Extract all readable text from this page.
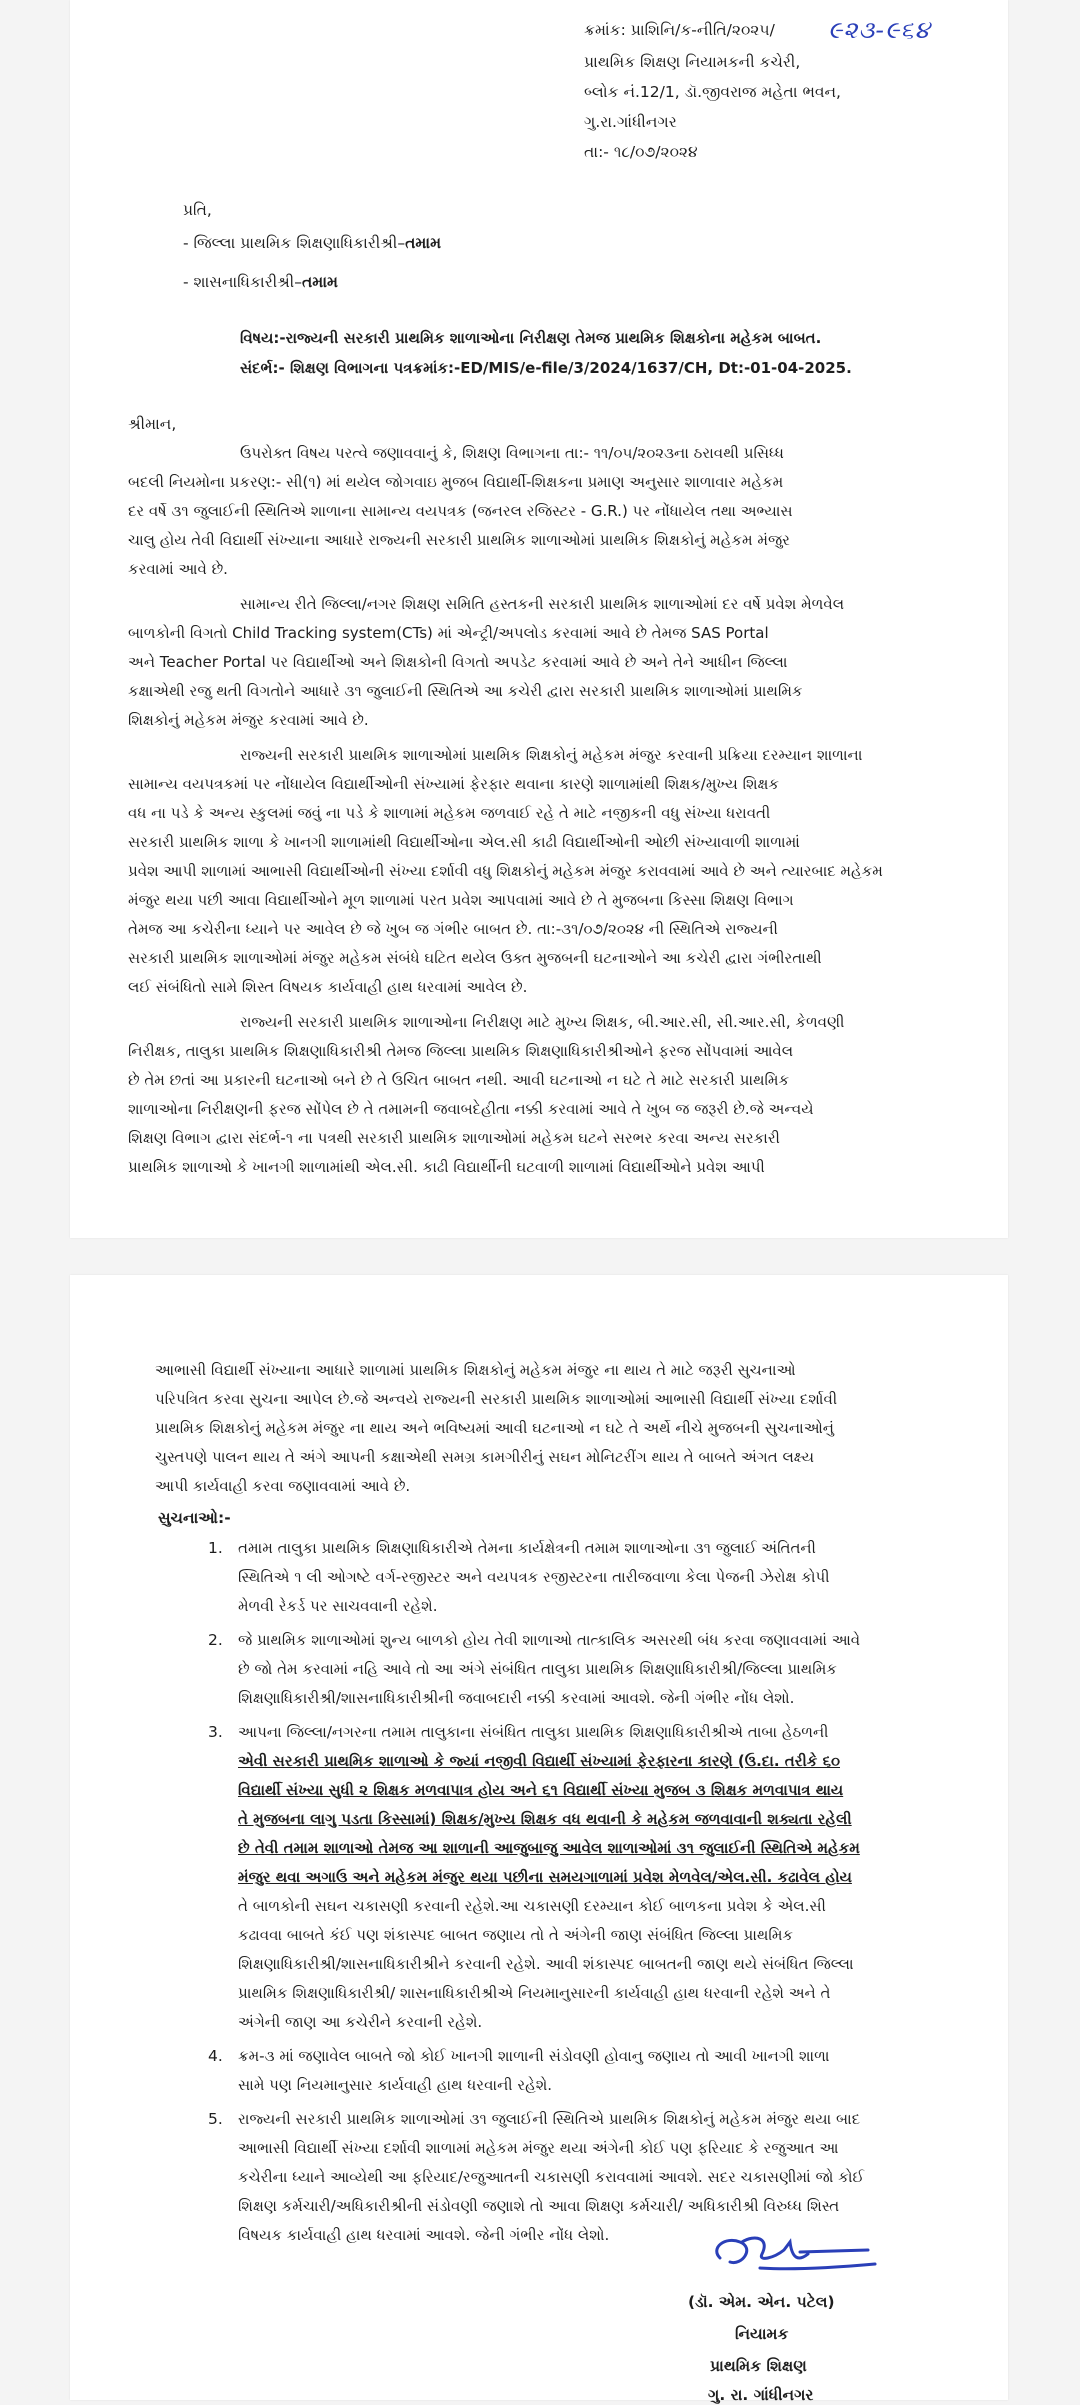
ક્રમાંક: પ્રાશિનિ/ક-નીતિ/૨૦૨૫/ ૯૨૩-૯૬૪
પ્રાથમિક શિક્ષણ નિયામકની કચેરી,
બ્લોક નં.12/1, ડૉ.જીવરાજ મહેતા ભવન,
ગુ.રા.ગાંધીનગર
તા:- ૧૮/૦૭/૨૦૨૪
પ્રતિ,
- જિલ્લા પ્રાથમિક શિક્ષણાધિકારીશ્રી–તમામ
- શાસનાધિકારીશ્રી–તમામ
વિષય:-રાજ્યની સરકારી પ્રાથમિક શાળાઓના નિરીક્ષણ તેમજ પ્રાથમિક શિક્ષકોના મહેકમ બાબત.
સંદર્ભ:- શિક્ષણ વિભાગના પત્રક્રમાંક:-ED/MIS/e-file/3/2024/1637/CH, Dt:-01-04-2025.
શ્રીમાન,
ઉપરોક્ત વિષય પરત્વે જણાવવાનું કે, શિક્ષણ વિભાગના તા:- ૧૧/૦૫/૨૦૨૩ના ઠરાવથી પ્રસિધ્ધ
બદલી નિયમોના પ્રકરણ:- સી(૧) માં થયેલ જોગવાઇ મુજબ વિદ્યાર્થી-શિક્ષકના પ્રમાણ અનુસાર શાળાવાર મહેકમ
દર વર્ષે ૩૧ જુલાઈની સ્થિતિએ શાળાના સામાન્ય વયપત્રક (જનરલ રજિસ્ટર - G.R.) પર નોંધાયેલ તથા અભ્યાસ
ચાલુ હોય તેવી વિદ્યાર્થી સંખ્યાના આધારે રાજ્યની સરકારી પ્રાથમિક શાળાઓમાં પ્રાથમિક શિક્ષકોનું મહેકમ મંજુર
કરવામાં આવે છે.
સામાન્ય રીતે જિલ્લા/નગર શિક્ષણ સમિતિ હસ્તકની સરકારી પ્રાથમિક શાળાઓમાં દર વર્ષે પ્રવેશ મેળવેલ
બાળકોની વિગતો Child Tracking system(CTs) માં એન્ટ્રી/અપલોડ કરવામાં આવે છે તેમજ SAS Portal
અને Teacher Portal પર વિદ્યાર્થીઓ અને શિક્ષકોની વિગતો અપડેટ કરવામાં આવે છે અને તેને આધીન જિલ્લા
કક્ષાએથી રજુ થતી વિગતોને આધારે ૩૧ જુલાઈની સ્થિતિએ આ કચેરી દ્વારા સરકારી પ્રાથમિક શાળાઓમાં પ્રાથમિક
શિક્ષકોનું મહેકમ મંજુર કરવામાં આવે છે.
રાજ્યની સરકારી પ્રાથમિક શાળાઓમાં પ્રાથમિક શિક્ષકોનું મહેકમ મંજુર કરવાની પ્રક્રિયા દરમ્યાન શાળાના
સામાન્ય વયપત્રકમાં પર નોંધાયેલ વિદ્યાર્થીઓની સંખ્યામાં ફેરફાર થવાના કારણે શાળામાંથી શિક્ષક/મુખ્ય શિક્ષક
વધ ના પડે કે અન્ય સ્કુલમાં જવું ના પડે કે શાળામાં મહેકમ જળવાઈ રહે તે માટે નજીકની વધુ સંખ્યા ધરાવતી
સરકારી પ્રાથમિક શાળા કે ખાનગી શાળામાંથી વિદ્યાર્થીઓના એલ.સી કાઢી વિદ્યાર્થીઓની ઓછી સંખ્યાવાળી શાળામાં
પ્રવેશ આપી શાળામાં આભાસી વિદ્યાર્થીઓની સંખ્યા દર્શાવી વધુ શિક્ષકોનું મહેકમ મંજુર કરાવવામાં આવે છે અને ત્યારબાદ મહેકમ
મંજુર થયા પછી આવા વિદ્યાર્થીઓને મૂળ શાળામાં પરત પ્રવેશ આપવામાં આવે છે તે મુજબના કિસ્સા શિક્ષણ વિભાગ
તેમજ આ કચેરીના ધ્યાને પર આવેલ છે જે ખુબ જ ગંભીર બાબત છે. તા:-૩૧/૦૭/૨૦૨૪ ની સ્થિતિએ રાજ્યની
સરકારી પ્રાથમિક શાળાઓમાં મંજુર મહેકમ સંબંધે ઘટિત થયેલ ઉક્ત મુજબની ઘટનાઓને આ કચેરી દ્વારા ગંભીરતાથી
લઈ સંબંધિતો સામે શિસ્ત વિષયક કાર્યવાહી હાથ ધરવામાં આવેલ છે.
રાજ્યની સરકારી પ્રાથમિક શાળાઓના નિરીક્ષણ માટે મુખ્ય શિક્ષક, બી.આર.સી, સી.આર.સી, કેળવણી
નિરીક્ષક, તાલુકા પ્રાથમિક શિક્ષણાધિકારીશ્રી તેમજ જિલ્લા પ્રાથમિક શિક્ષણાધિકારીશ્રીઓને ફરજ સોંપવામાં આવેલ
છે તેમ છતાં આ પ્રકારની ઘટનાઓ બને છે તે ઉચિત બાબત નથી. આવી ઘટનાઓ ન ઘટે તે માટે સરકારી પ્રાથમિક
શાળાઓના નિરીક્ષણની ફરજ સોંપેલ છે તે તમામની જવાબદેહીતા નક્કી કરવામાં આવે તે ખુબ જ જરૂરી છે.જે અન્વયે
શિક્ષણ વિભાગ દ્વારા સંદર્ભ-૧ ના પત્રથી સરકારી પ્રાથમિક શાળાઓમાં મહેકમ ઘટને સરભર કરવા અન્ય સરકારી
પ્રાથમિક શાળાઓ કે ખાનગી શાળામાંથી એલ.સી. કાઢી વિદ્યાર્થીની ઘટવાળી શાળામાં વિદ્યાર્થીઓને પ્રવેશ આપી
આભાસી વિદ્યાર્થી સંખ્યાના આધારે શાળામાં પ્રાથમિક શિક્ષકોનું મહેકમ મંજુર ના થાય તે માટે જરૂરી સુચનાઓ
પરિપત્રિત કરવા સુચના આપેલ છે.જે અન્વયે રાજ્યની સરકારી પ્રાથમિક શાળાઓમાં આભાસી વિદ્યાર્થી સંખ્યા દર્શાવી
પ્રાથમિક શિક્ષકોનું મહેકમ મંજુર ના થાય અને ભવિષ્યમાં આવી ઘટનાઓ ન ઘટે તે અર્થે નીચે મુજબની સુચનાઓનું
ચુસ્તપણે પાલન થાય તે અંગે આપની કક્ષાએથી સમગ્ર કામગીરીનું સઘન મોનિટરીંગ થાય તે બાબતે અંગત લક્ષ્ય
આપી કાર્યવાહી કરવા જણાવવામાં આવે છે.
સુચનાઓ:-
1. તમામ તાલુકા પ્રાથમિક શિક્ષણાધિકારીએ તેમના કાર્યક્ષેત્રની તમામ શાળાઓના ૩૧ જુલાઈ અંતિતની
સ્થિતિએ ૧ લી ઓગષ્ટે વર્ગ-રજીસ્ટર અને વયપત્રક રજીસ્ટરના તારીજવાળા કેલા પેજની ઝેરોક્ષ કોપી
મેળવી રેકર્ડ પર સાચવવાની રહેશે.
2. જે પ્રાથમિક શાળાઓમાં શુન્ય બાળકો હોય તેવી શાળાઓ તાત્કાલિક અસરથી બંધ કરવા જણાવવામાં આવે
છે જો તેમ કરવામાં નહિ આવે તો આ અંગે સંબંધિત તાલુકા પ્રાથમિક શિક્ષણાધિકારીશ્રી/જિલ્લા પ્રાથમિક
શિક્ષણાધિકારીશ્રી/શાસનાધિકારીશ્રીની જવાબદારી નક્કી કરવામાં આવશે. જેની ગંભીર નોંધ લેશો.
3. આપના જિલ્લા/નગરના તમામ તાલુકાના સંબંધિત તાલુકા પ્રાથમિક શિક્ષણાધિકારીશ્રીએ તાબા હેઠળની
એવી સરકારી પ્રાથમિક શાળાઓ કે જ્યાં નજીવી વિદ્યાર્થી સંખ્યામાં ફેરફારના કારણે (ઉ.દા. તરીકે ૬૦
વિદ્યાર્થી સંખ્યા સુધી ૨ શિક્ષક મળવાપાત્ર હોય અને ૬૧ વિદ્યાર્થી સંખ્યા મુજબ ૩ શિક્ષક મળવાપાત્ર થાય
તે મુજબના લાગુ પડતા કિસ્સામાં) શિક્ષક/મુખ્ય શિક્ષક વધ થવાની કે મહેકમ જળવાવાની શક્યતા રહેલી
છે તેવી તમામ શાળાઓ તેમજ આ શાળાની આજુબાજુ આવેલ શાળાઓમાં ૩૧ જુલાઈની સ્થિતિએ મહેકમ
મંજુર થવા અગાઉ અને મહેકમ મંજુર થયા પછીના સમયગાળામાં પ્રવેશ મેળવેલ/એલ.સી. કઢાવેલ હોય
તે બાળકોની સઘન ચકાસણી કરવાની રહેશે.આ ચકાસણી દરમ્યાન કોઈ બાળકના પ્રવેશ કે એલ.સી
કઢાવવા બાબતે કંઈ પણ શંકાસ્પદ બાબત જણાય તો તે અંગેની જાણ સંબંધિત જિલ્લા પ્રાથમિક
શિક્ષણાધિકારીશ્રી/શાસનાધિકારીશ્રીને કરવાની રહેશે. આવી શંકાસ્પદ બાબતની જાણ થયે સંબંધિત જિલ્લા
પ્રાથમિક શિક્ષણાધિકારીશ્રી/ શાસનાધિકારીશ્રીએ નિયમાનુસારની કાર્યવાહી હાથ ધરવાની રહેશે અને તે
અંગેની જાણ આ કચેરીને કરવાની રહેશે.
4. ક્રમ-૩ માં જણાવેલ બાબતે જો કોઈ ખાનગી શાળાની સંડોવણી હોવાનુ જણાય તો આવી ખાનગી શાળા
સામે પણ નિયમાનુસાર કાર્યવાહી હાથ ધરવાની રહેશે.
5. રાજ્યની સરકારી પ્રાથમિક શાળાઓમાં ૩૧ જુલાઈની સ્થિતિએ પ્રાથમિક શિક્ષકોનું મહેકમ મંજુર થયા બાદ
આભાસી વિદ્યાર્થી સંખ્યા દર્શાવી શાળામાં મહેકમ મંજુર થયા અંગેની કોઈ પણ ફરિયાદ કે રજુઆત આ
કચેરીના ધ્યાને આવ્યેથી આ ફરિયાદ/રજુઆતની ચકાસણી કરાવવામાં આવશે. સદર ચકાસણીમાં જો કોઈ
શિક્ષણ કર્મચારી/અધિકારીશ્રીની સંડોવણી જણાશે તો આવા શિક્ષણ કર્મચારી/ અધિકારીશ્રી વિરુધ્ધ શિસ્ત
વિષયક કાર્યવાહી હાથ ધરવામાં આવશે. જેની ગંભીર નોંધ લેશો.
(ડૉ. એમ. એન. પટેલ)
નિયામક
પ્રાથમિક શિક્ષણ
ગુ. રા. ગાંધીનગર
